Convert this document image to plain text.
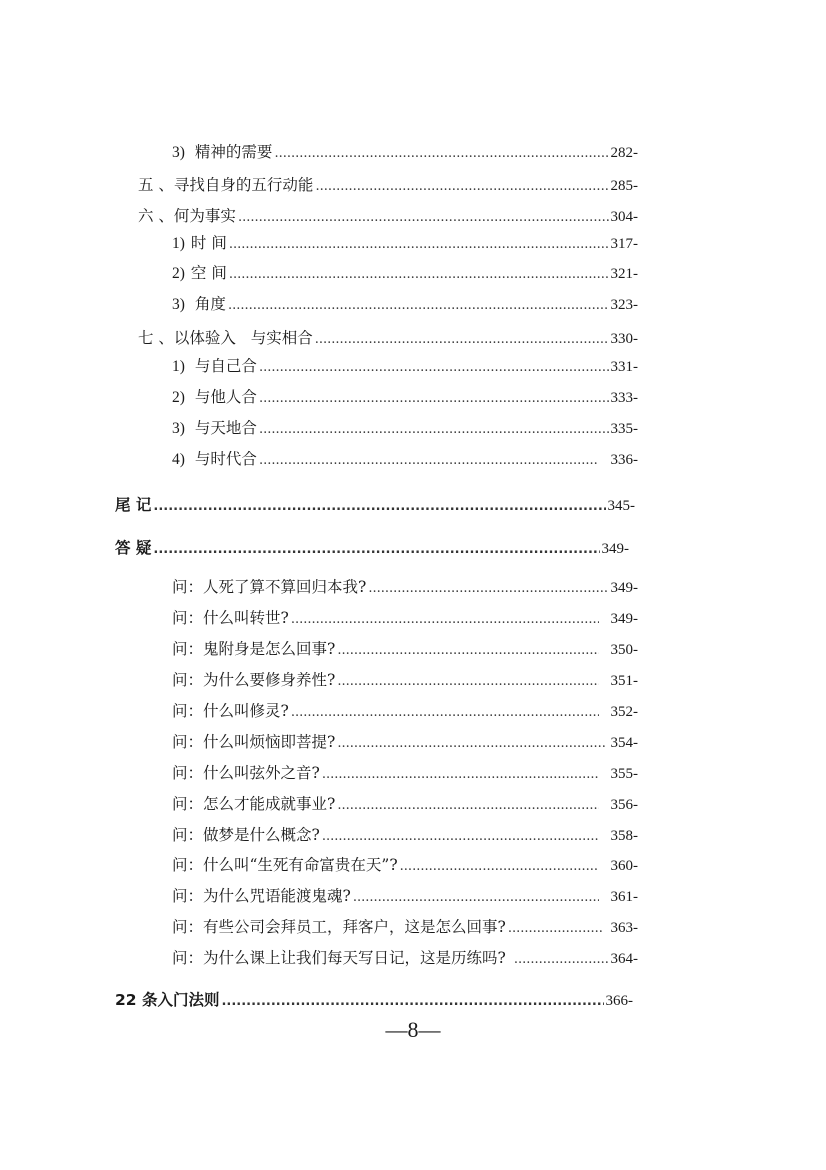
3) 精神的需要 .....	282-
五 、寻找自身的五行动能 .....	285-
六 、何为事实 .....	304-
1) 时 间 .....	317-
2) 空 间 .....	321-
3) 角度 .....	323-
七 、以体验入   与实相合 .....	330-
1) 与自己合 .....	331-
2) 与他人合 .....	333-
3) 与天地合 .....	335-
4) 与时代合 .....	336-
尾 记 .....	345-
答 疑 .....	349-
问：人死了算不算回归本我? .....	349-
问：什么叫转世? .....	349-
问：鬼附身是怎么回事? .....	350-
问：为什么要修身养性? .....	351-
问：什么叫修灵? .....	352-
问：什么叫烦恼即菩提? .....	354-
问：什么叫弦外之音? .....	355-
问：怎么才能成就事业? .....	356-
问：做梦是什么概念? .....	358-
问：什么叫“生死有命富贵在天”? .....	360-
问：为什么咒语能渡鬼魂? .....	361-
问：有些公司会拜员工，拜客户，这是怎么回事? .....	363-
问：为什么课上让我们每天写日记，这是历练吗? .....	364-
22 条入门法则 .....	366-
—8—
